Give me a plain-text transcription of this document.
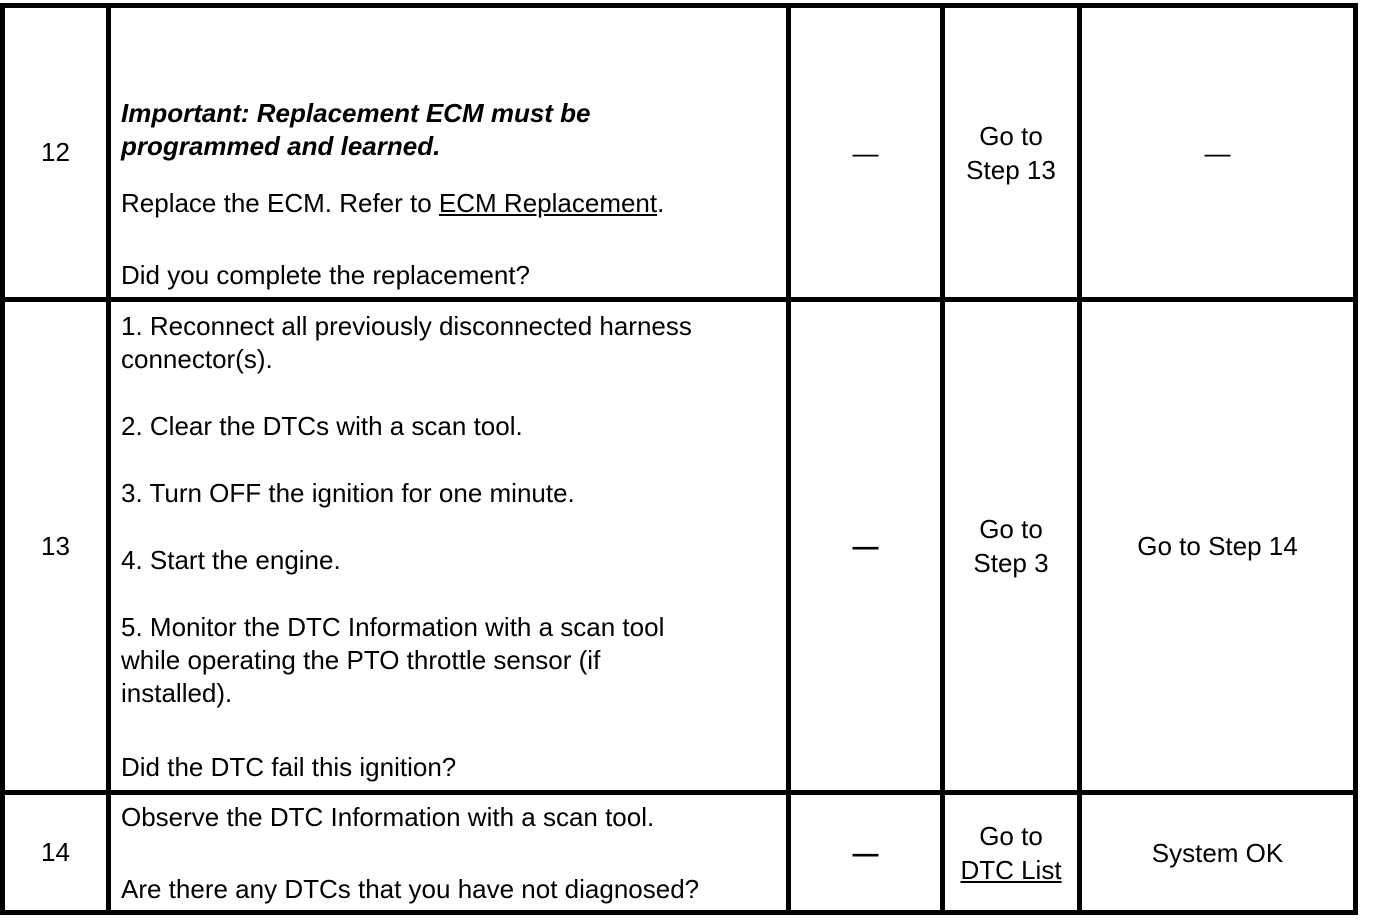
12
Important: Replacement ECM must be
programmed and learned.
Replace the ECM. Refer to ECM Replacement.
Did you complete the replacement?
—
Go to
Step 13
—
13
1. Reconnect all previously disconnected harness
connector(s).
2. Clear the DTCs with a scan tool.
3. Turn OFF the ignition for one minute.
4. Start the engine.
5. Monitor the DTC Information with a scan tool
while operating the PTO throttle sensor (if
installed).
Did the DTC fail this ignition?
—
Go to
Step 3
Go to Step 14
14
Observe the DTC Information with a scan tool.
Are there any DTCs that you have not diagnosed?
—
Go to
DTC List
System OK
